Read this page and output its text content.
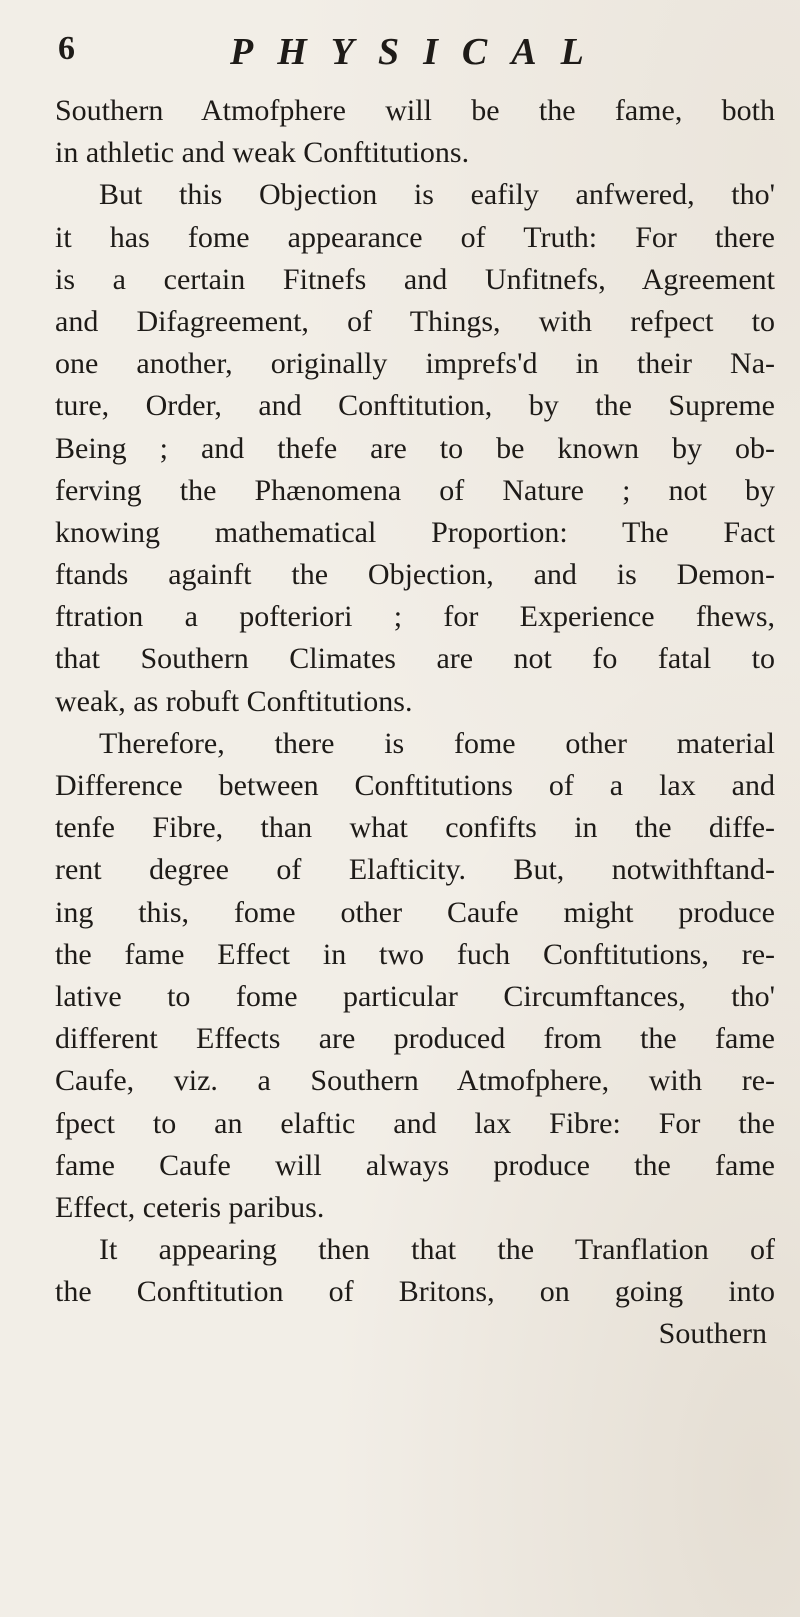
6	PHYSICAL
Southern Atmofphere will be the fame, both
in athletic and weak Conftitutions.
But this Objection is eafily anfwered, tho'
it has fome appearance of Truth: For there
is a certain Fitnefs and Unfitnefs, Agreement
and Difagreement, of Things, with refpect to
one another, originally imprefs'd in their Na-
ture, Order, and Conftitution, by the Supreme
Being ; and thefe are to be known by ob-
ferving the Phænomena of Nature ; not by
knowing mathematical Proportion: The Fact
ftands againft the Objection, and is Demon-
ftration a pofteriori ; for Experience fhews,
that Southern Climates are not fo fatal to
weak, as robuft Conftitutions.
Therefore, there is fome other material
Difference between Conftitutions of a lax and
tenfe Fibre, than what confifts in the diffe-
rent degree of Elafticity. But, notwithftand-
ing this, fome other Caufe might produce
the fame Effect in two fuch Conftitutions, re-
lative to fome particular Circumftances, tho'
different Effects are produced from the fame
Caufe, viz. a Southern Atmofphere, with re-
fpect to an elaftic and lax Fibre: For the
fame Caufe will always produce the fame
Effect, ceteris paribus.
It appearing then that the Tranflation of
the Conftitution of Britons, on going into
Southern
